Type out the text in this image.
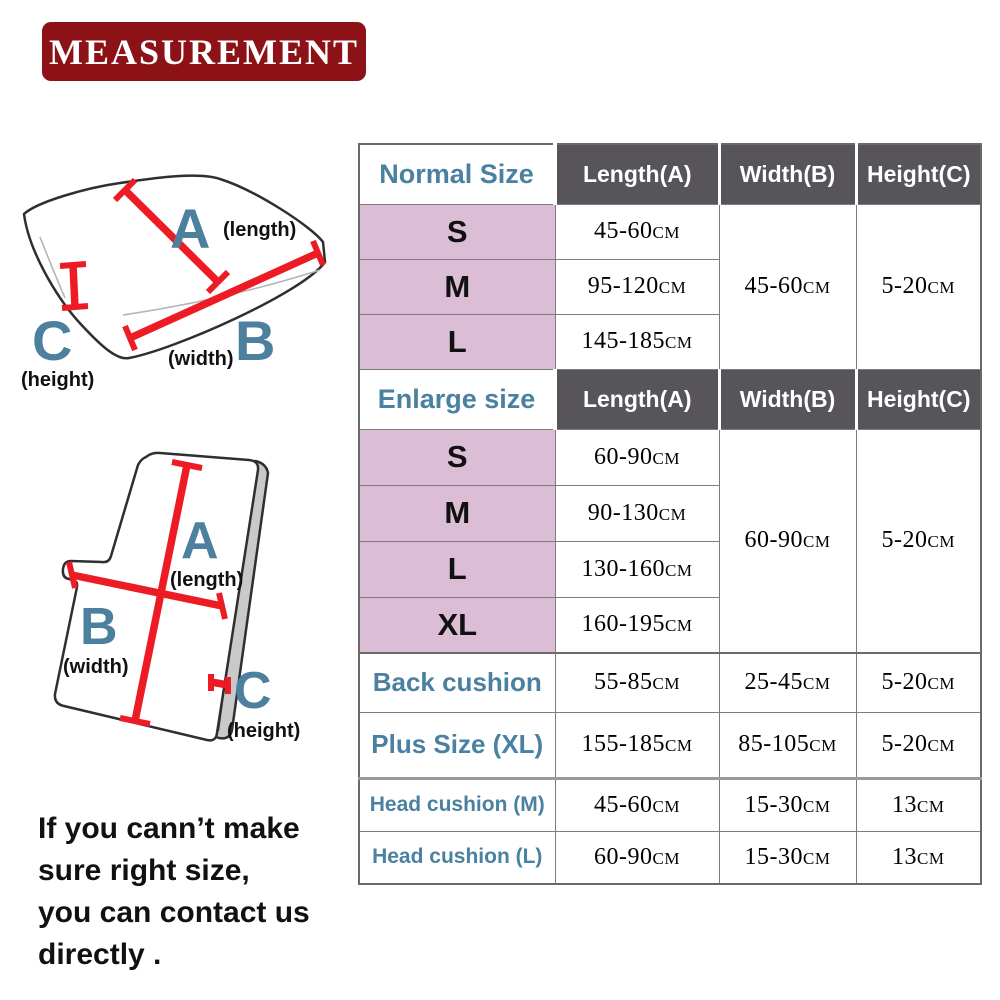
MEASUREMENT
A (length)
B
(width)
C
(height)
A
(length)
B
(width) C
(height)
Normal Size	Length(A)	Width(B)	Height(C)
S	45-60cm	45-60cm	5-20cm
M	95-120cm		
L	145-185cm		
Enlarge size	Length(A)	Width(B)	Height(C)
S	60-90cm	60-90cm	5-20cm
M	90-130cm		
L	130-160cm		
XL	160-195cm		
Back cushion	55-85cm	25-45cm	5-20cm
Plus Size (XL)	155-185cm	85-105cm	5-20cm
Head cushion (M)	45-60cm	15-30cm	13cm
Head cushion (L)	60-90cm	15-30cm	13cm
If you cann’t make
sure right size,
you can contact us
directly .
